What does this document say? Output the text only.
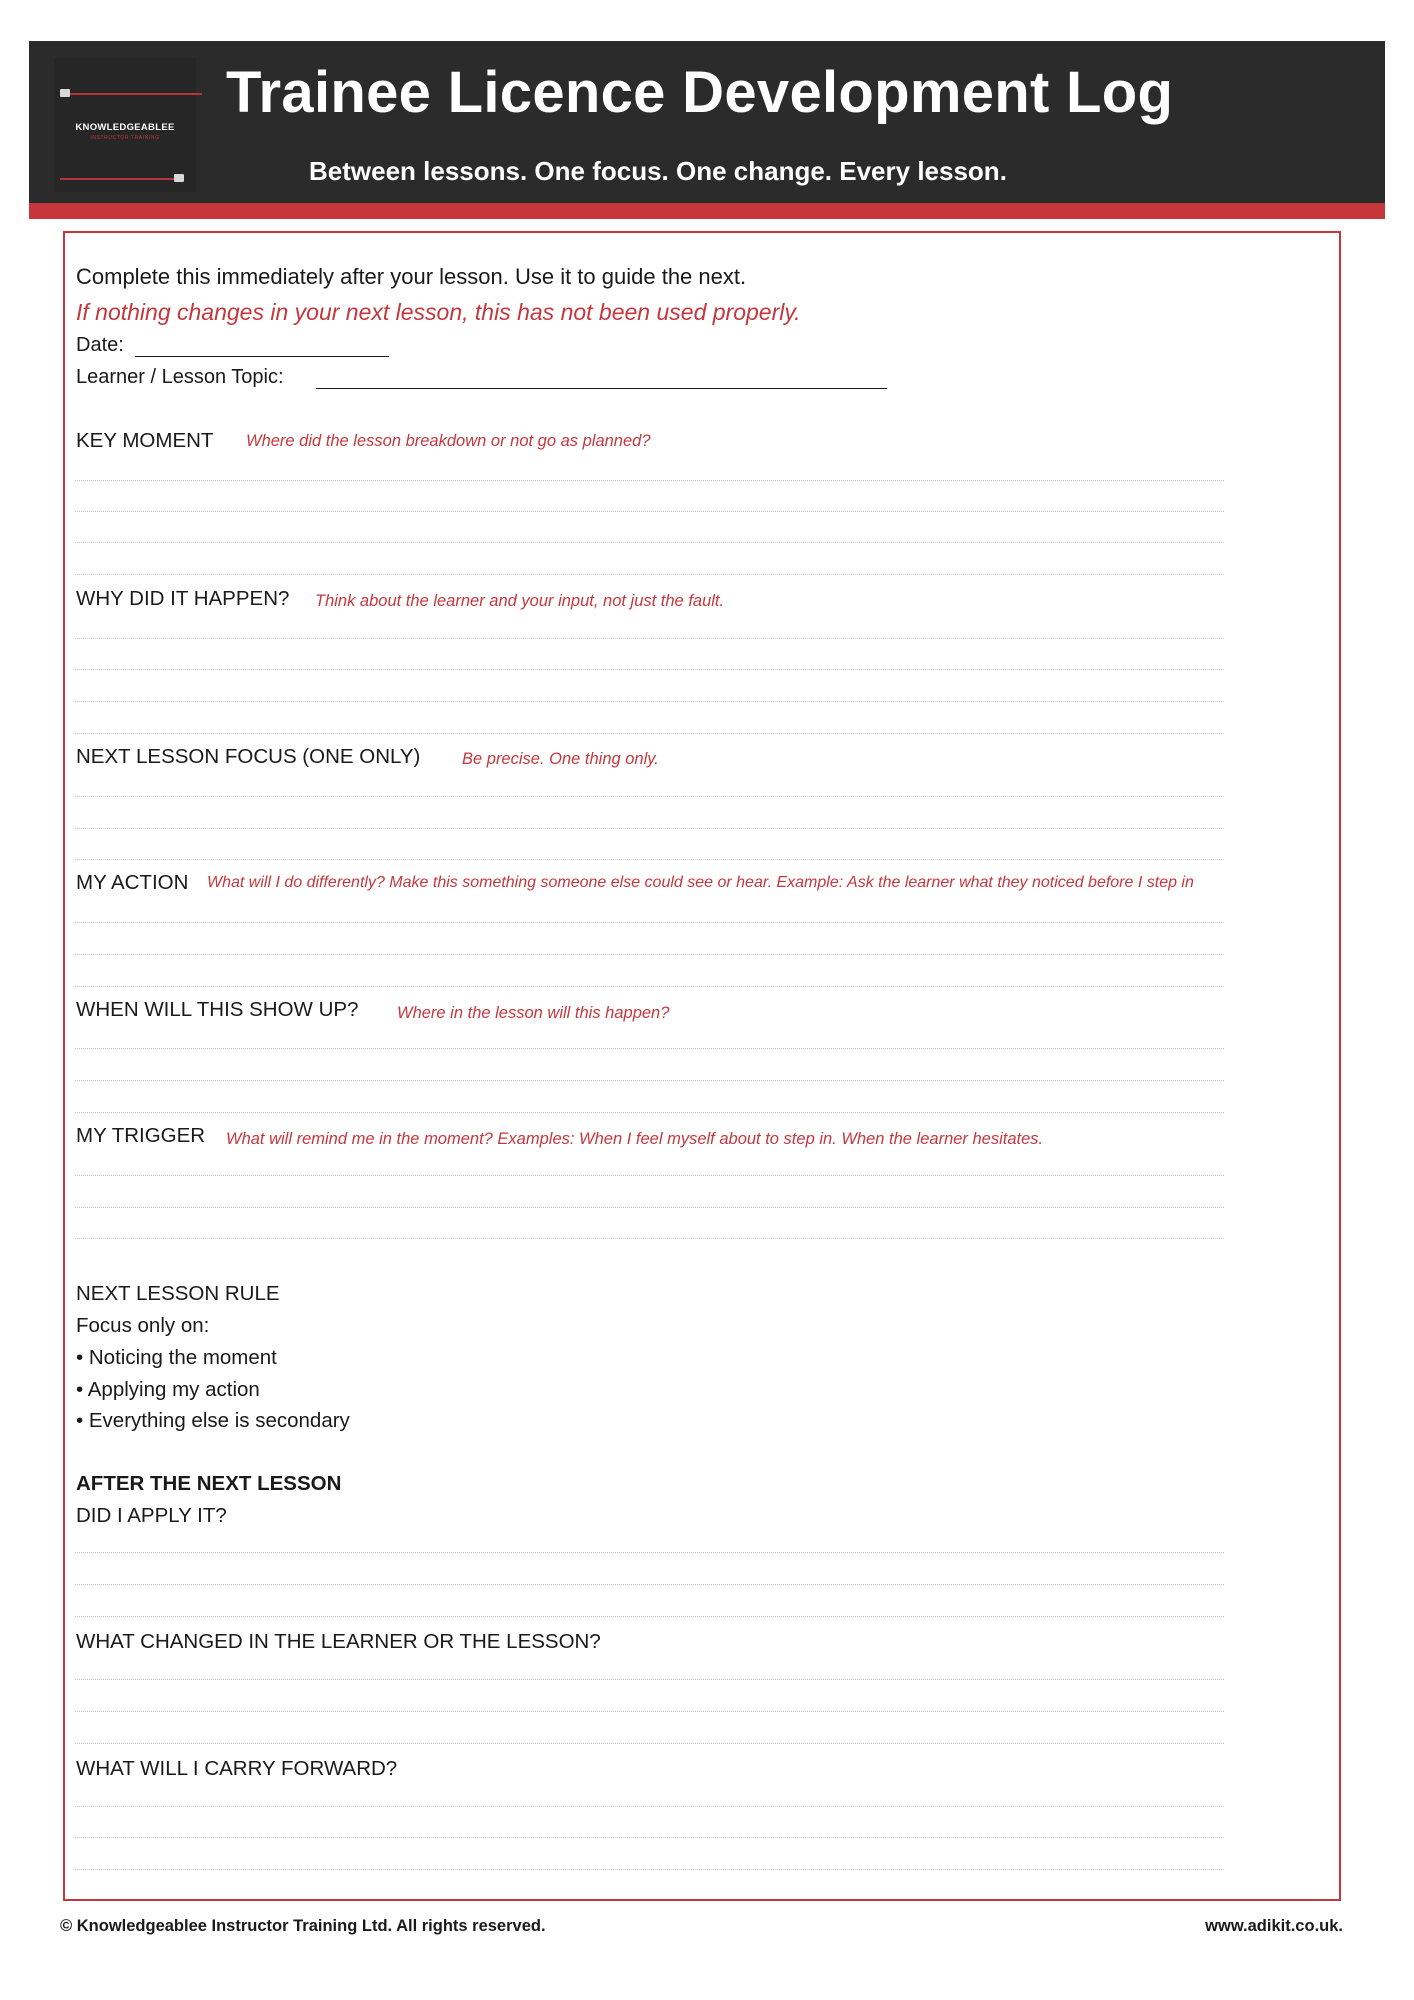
KNOWLEDGEABLEE
INSTRUCTOR TRAINING
Trainee Licence Development Log
Between lessons. One focus. One change. Every lesson.
Complete this immediately after your lesson. Use it to guide the next.
If nothing changes in your next lesson, this has not been used properly.
Date:
Learner / Lesson Topic:
KEY MOMENT Where did the lesson breakdown or not go as planned?
WHY DID IT HAPPEN? Think about the learner and your input, not just the fault.
NEXT LESSON FOCUS (ONE ONLY)	Be precise. One thing only.
MY ACTION What will I do differently? Make this something someone else could see or hear. Example: Ask the learner what they noticed before I step in
WHEN WILL THIS SHOW UP? Where in the lesson will this happen?
MY TRIGGER What will remind me in the moment? Examples: When I feel myself about to step in. When the learner hesitates.
NEXT LESSON RULE
Focus only on:
• Noticing the moment
• Applying my action
• Everything else is secondary
AFTER THE NEXT LESSON
DID I APPLY IT?
WHAT CHANGED IN THE LEARNER OR THE LESSON?
WHAT WILL I CARRY FORWARD?
© Knowledgeablee Instructor Training Ltd. All rights reserved.	www.adikit.co.uk.
